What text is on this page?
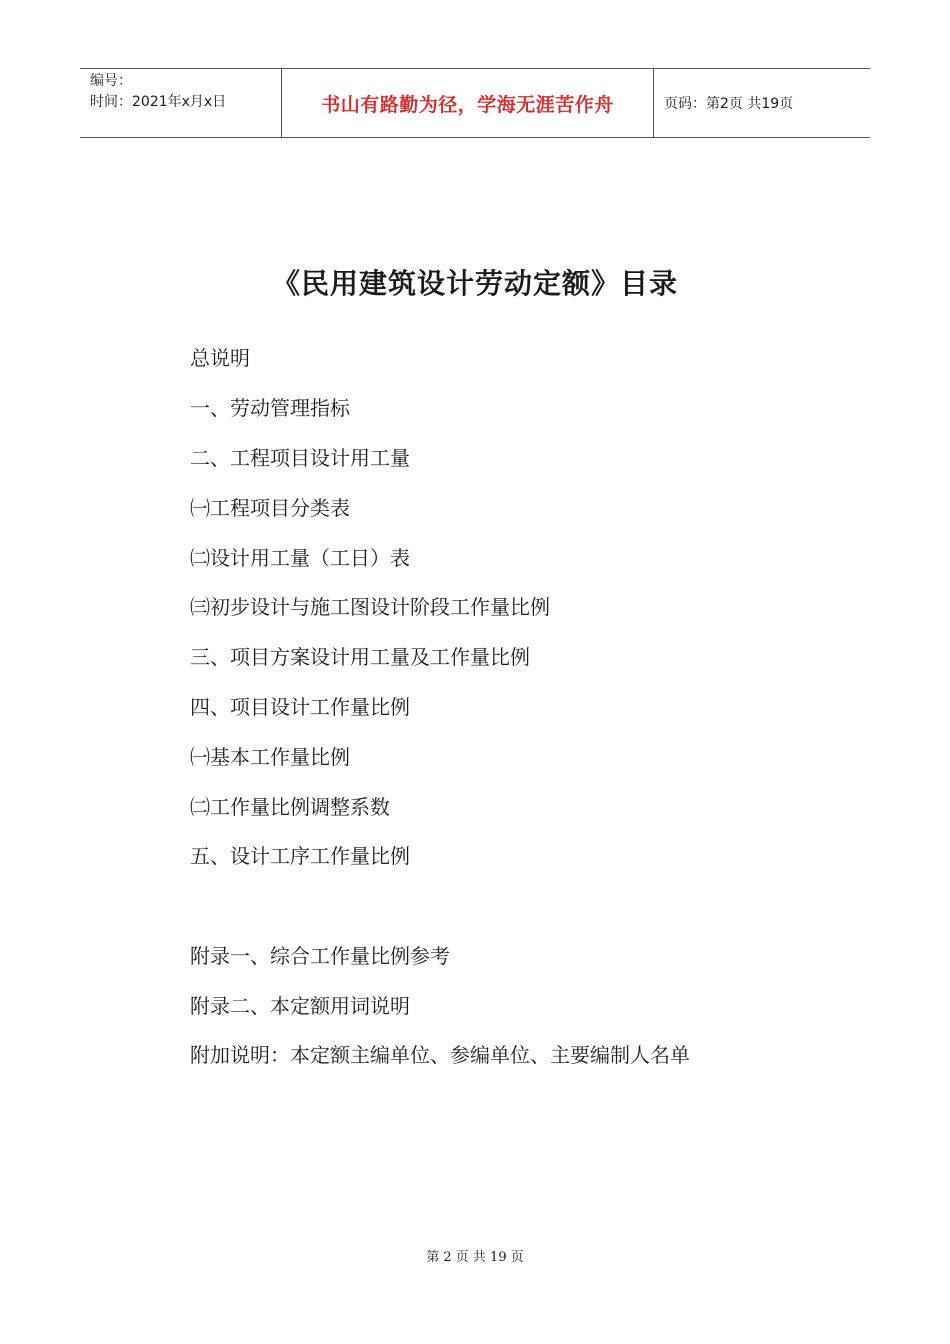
编号：
时间：2021年x月x日	书山有路勤为径，学海无涯苦作舟	页码：第2页 共19页
《民用建筑设计劳动定额》目录
总说明
一、劳动管理指标
二、工程项目设计用工量
㈠工程项目分类表
㈡设计用工量（工日）表
㈢初步设计与施工图设计阶段工作量比例
三、项目方案设计用工量及工作量比例
四、项目设计工作量比例
㈠基本工作量比例
㈡工作量比例调整系数
五、设计工序工作量比例
附录一、综合工作量比例参考
附录二、本定额用词说明
附加说明：本定额主编单位、参编单位、主要编制人名单
第 2 页 共 19 页
